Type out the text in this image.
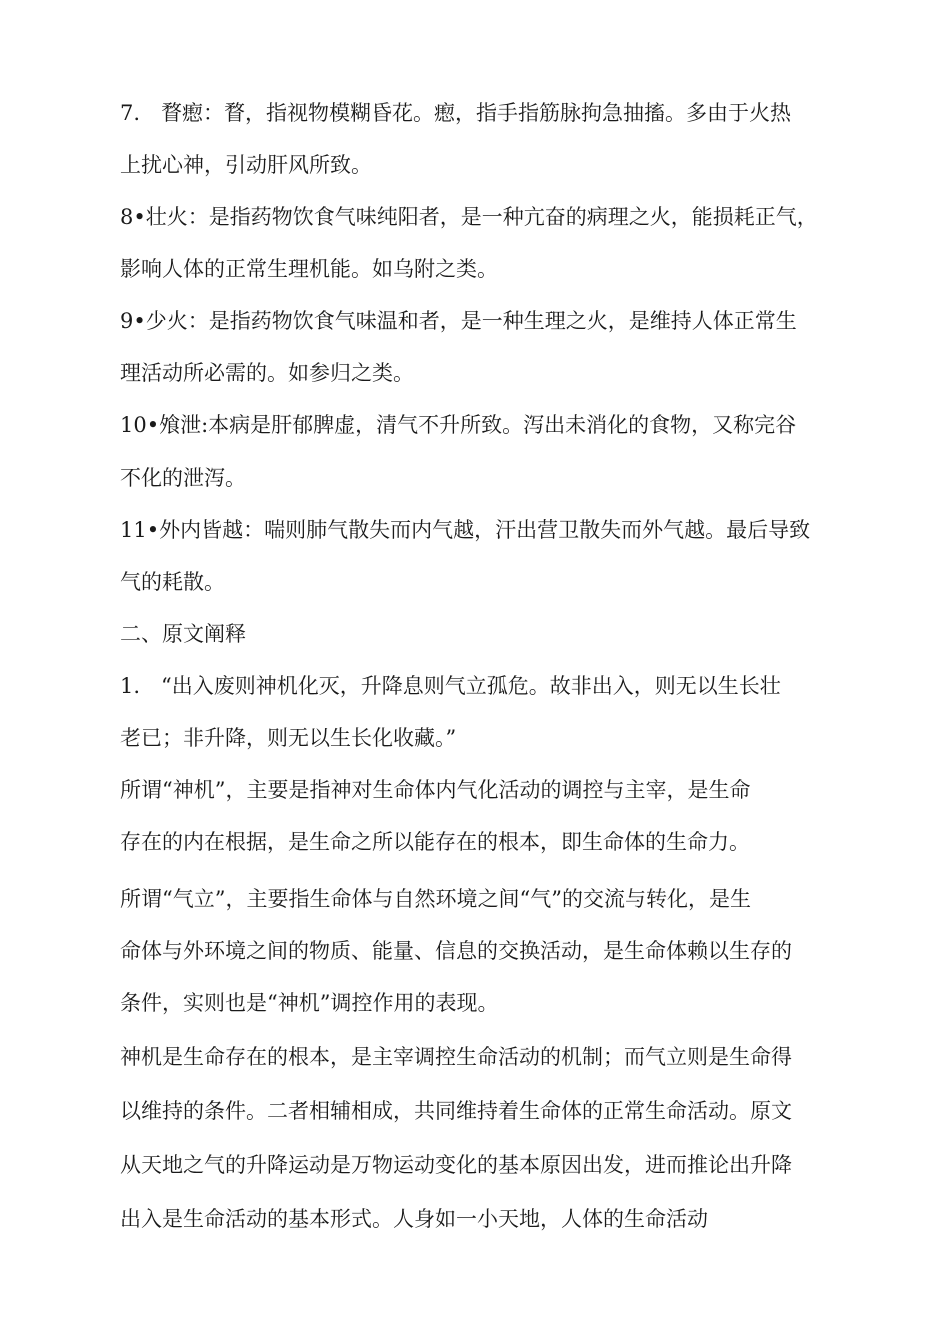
7.　瞀瘛：瞀，指视物模糊昏花。瘛，指手指筋脉拘急抽搐。多由于火热
上扰心神，引动肝风所致。
8•壮火：是指药物饮食气味纯阳者，是一种亢奋的病理之火，能损耗正气，
影响人体的正常生理机能。如乌附之类。
9•少火：是指药物饮食气味温和者，是一种生理之火，是维持人体正常生
理活动所必需的。如参归之类。
10•飧泄:本病是肝郁脾虚，清气不升所致。泻出未消化的食物，又称完谷
不化的泄泻。
11•外内皆越：喘则肺气散失而内气越，汗出营卫散失而外气越。最后导致
气的耗散。
二、原文阐释
1.　“出入废则神机化灭，升降息则气立孤危。故非出入，则无以生长壮
老已；非升降，则无以生长化收藏。”
所谓“神机”，主要是指神对生命体内气化活动的调控与主宰，是生命
存在的内在根据，是生命之所以能存在的根本，即生命体的生命力。
所谓“气立”，主要指生命体与自然环境之间“气”的交流与转化，是生
命体与外环境之间的物质、能量、信息的交换活动，是生命体赖以生存的
条件，实则也是“神机”调控作用的表现。
神机是生命存在的根本，是主宰调控生命活动的机制；而气立则是生命得
以维持的条件。二者相辅相成，共同维持着生命体的正常生命活动。原文
从天地之气的升降运动是万物运动变化的基本原因出发，进而推论出升降
出入是生命活动的基本形式。人身如一小天地，人体的生命活动
